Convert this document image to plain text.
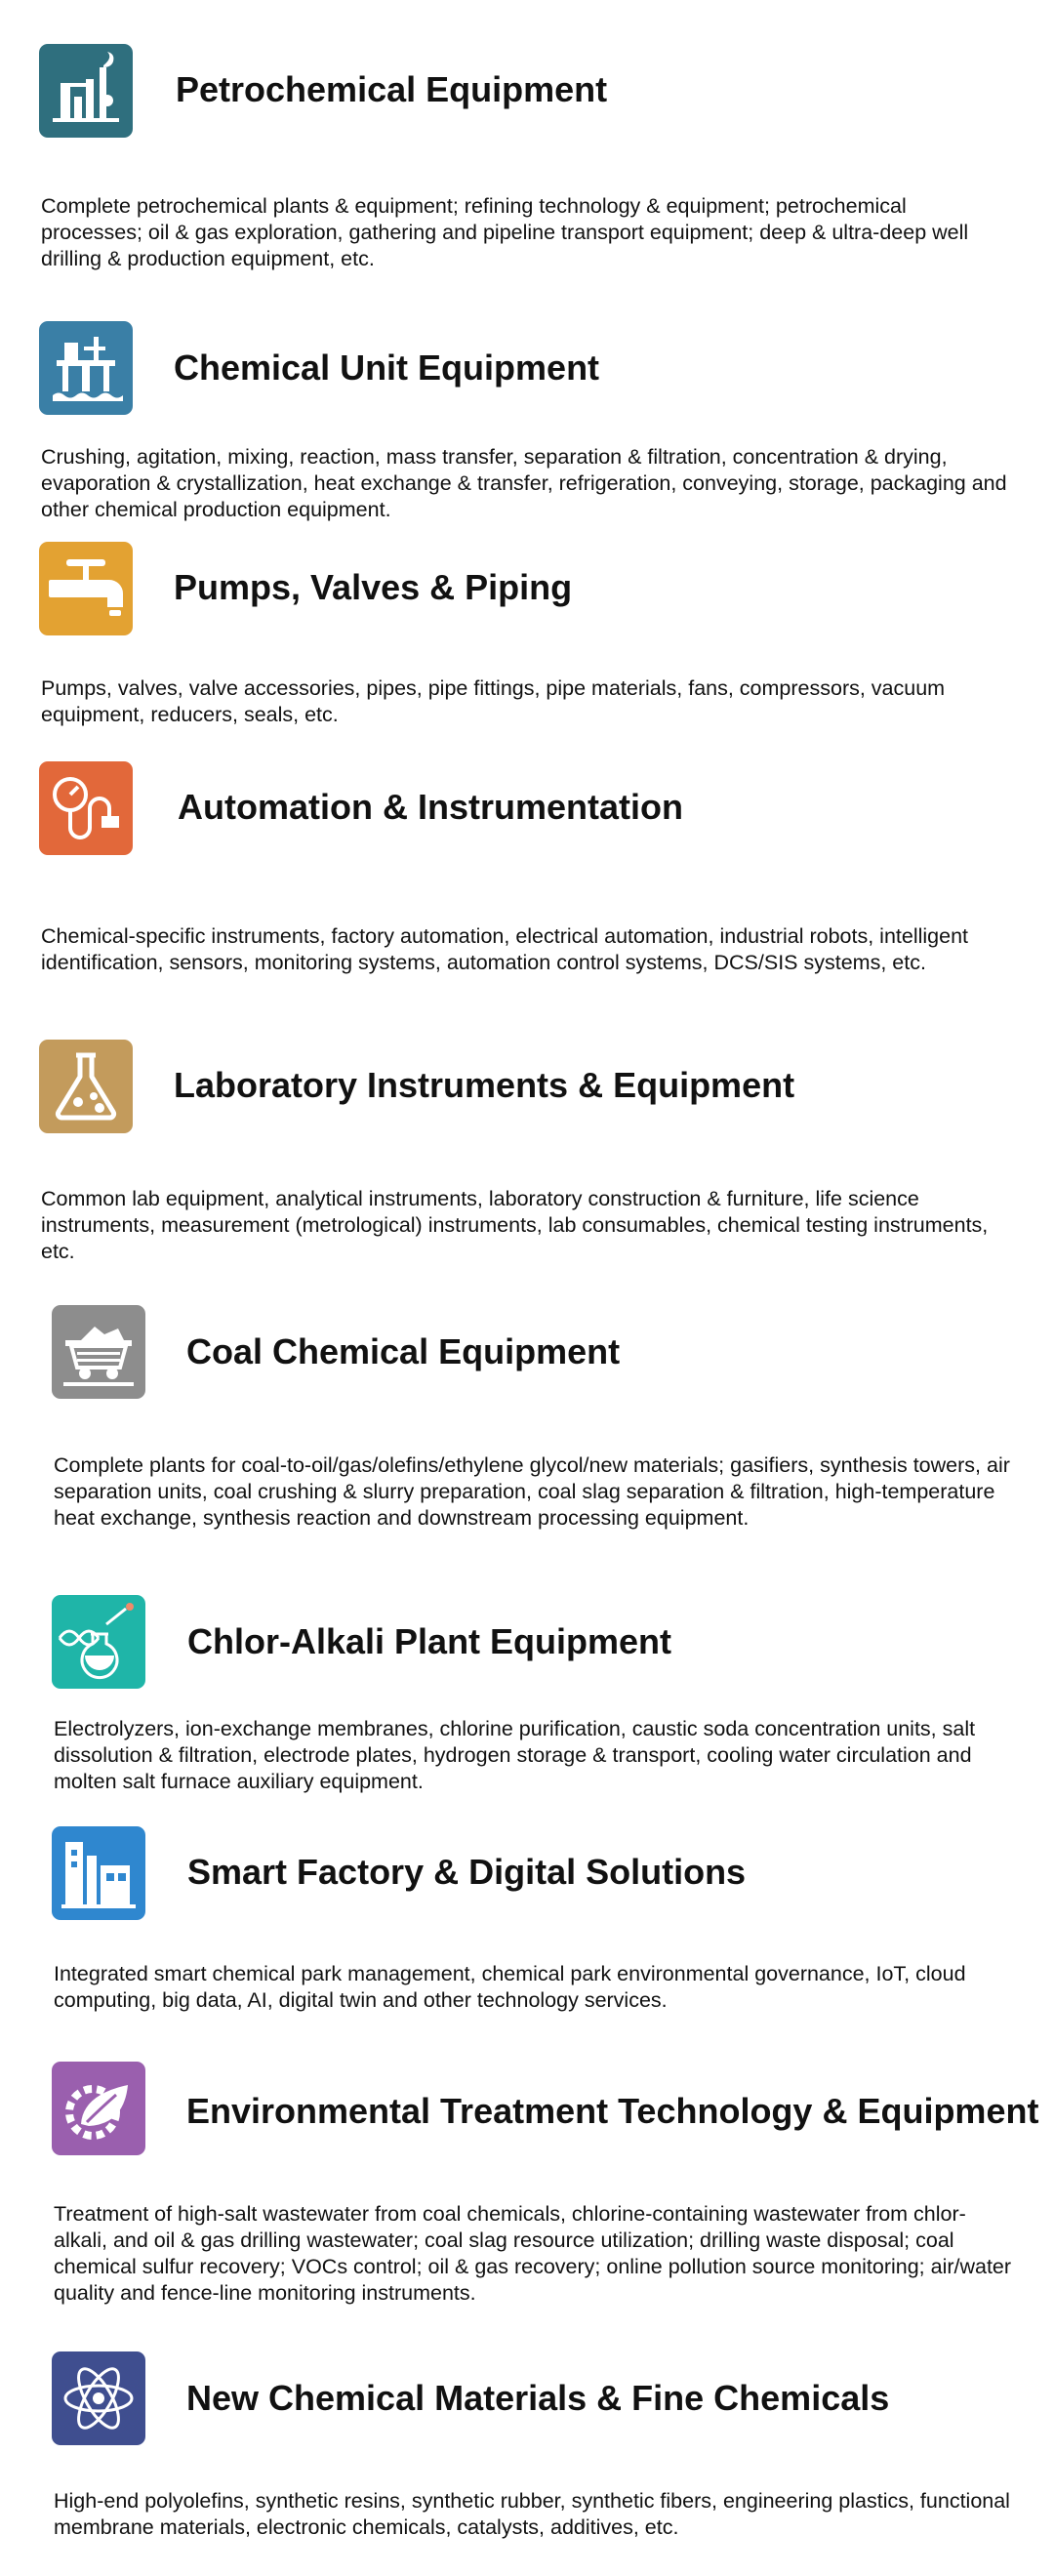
Petrochemical Equipment
Complete petrochemical plants & equipment; refining technology & equipment; petrochemical processes; oil & gas exploration, gathering and pipeline transport equipment; deep & ultra-deep well drilling & production equipment, etc.
Chemical Unit Equipment
Crushing, agitation, mixing, reaction, mass transfer, separation & filtration, concentration & drying, evaporation & crystallization, heat exchange & transfer, refrigeration, conveying, storage, packaging and other chemical production equipment.
Pumps, Valves & Piping
Pumps, valves, valve accessories, pipes, pipe fittings, pipe materials, fans, compressors, vacuum equipment, reducers, seals, etc.
Automation & Instrumentation
Chemical-specific instruments, factory automation, electrical automation, industrial robots, intelligent identification, sensors, monitoring systems, automation control systems, DCS/SIS systems, etc.
Laboratory Instruments & Equipment
Common lab equipment, analytical instruments, laboratory construction & furniture, life science instruments, measurement (metrological) instruments, lab consumables, chemical testing instruments, etc.
Coal Chemical Equipment
Complete plants for coal-to-oil/gas/olefins/ethylene glycol/new materials; gasifiers, synthesis towers, air separation units, coal crushing & slurry preparation, coal slag separation & filtration, high-temperature heat exchange, synthesis reaction and downstream processing equipment.
Chlor-Alkali Plant Equipment
Electrolyzers, ion-exchange membranes, chlorine purification, caustic soda concentration units, salt dissolution & filtration, electrode plates, hydrogen storage & transport, cooling water circulation and molten salt furnace auxiliary equipment.
Smart Factory & Digital Solutions
Integrated smart chemical park management, chemical park environmental governance, IoT, cloud computing, big data, AI, digital twin and other technology services.
Environmental Treatment Technology & Equipment
Treatment of high-salt wastewater from coal chemicals, chlorine-containing wastewater from chlor-alkali, and oil & gas drilling wastewater; coal slag resource utilization; drilling waste disposal; coal chemical sulfur recovery; VOCs control; oil & gas recovery; online pollution source monitoring; air/water quality and fence-line monitoring instruments.
New Chemical Materials & Fine Chemicals
High-end polyolefins, synthetic resins, synthetic rubber, synthetic fibers, engineering plastics, functional membrane materials, electronic chemicals, catalysts, additives, etc.
